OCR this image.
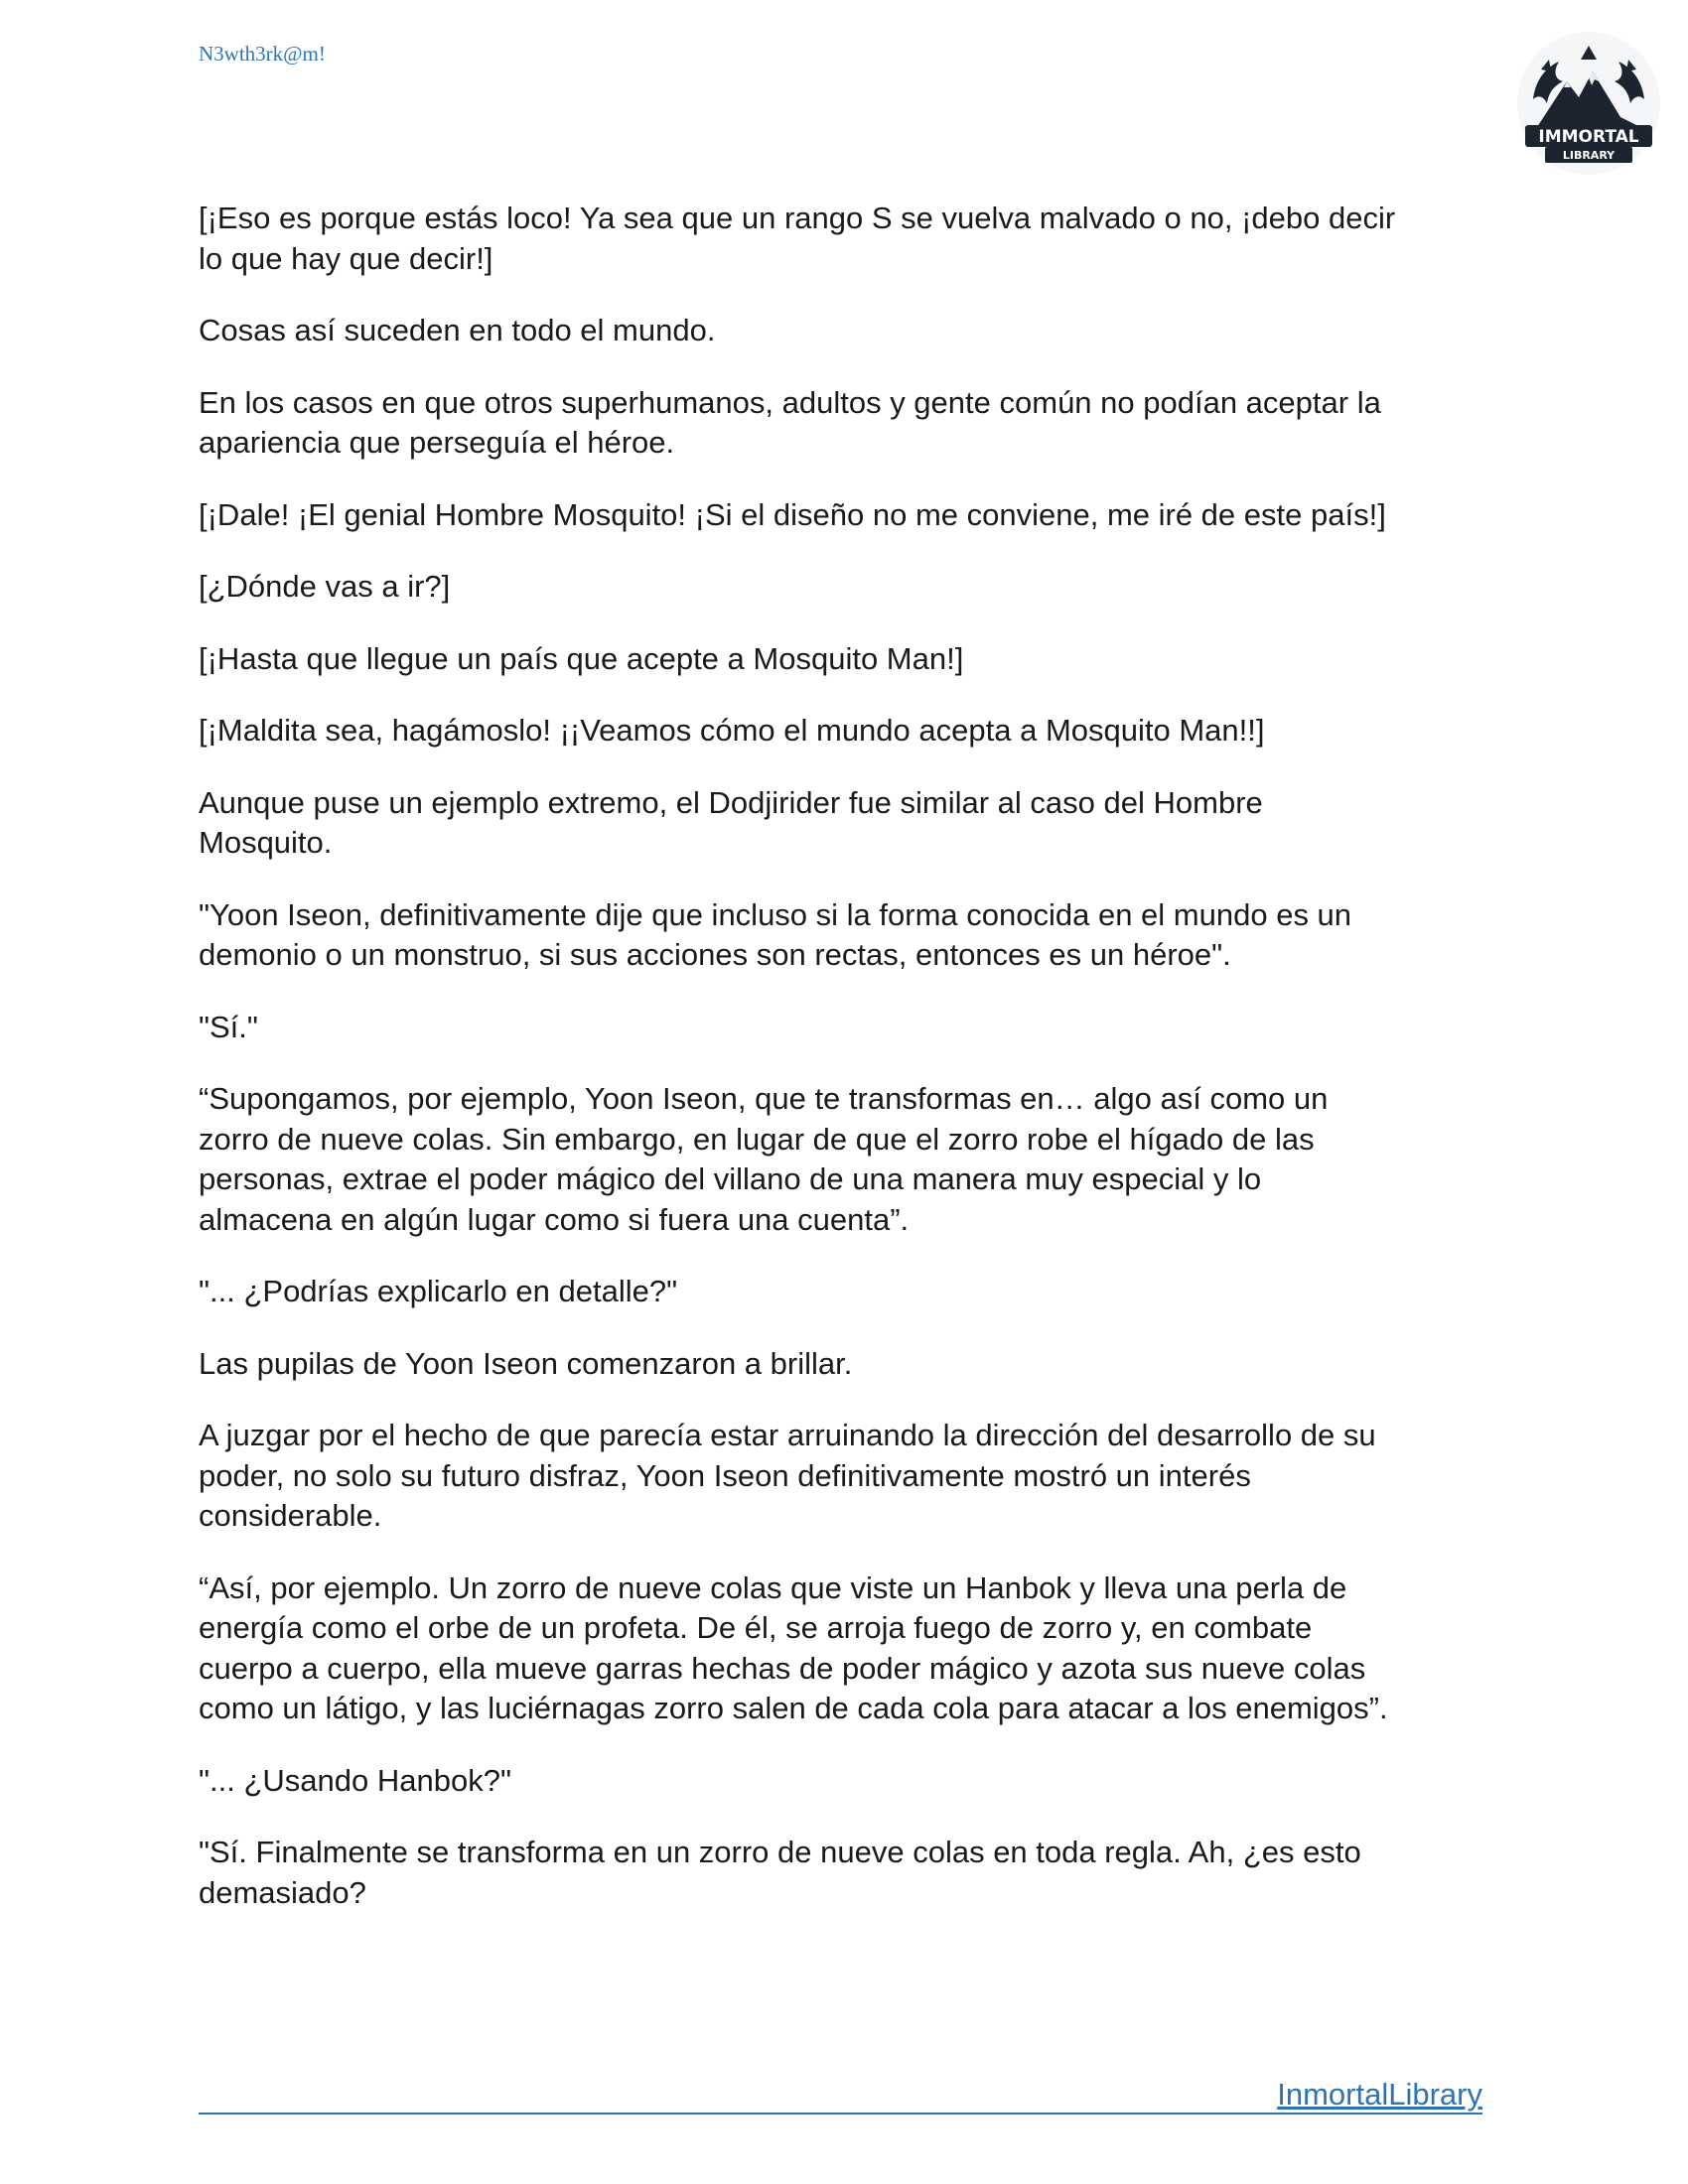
N3wth3rk@m!
IMMORTAL
LIBRARY

[¡Eso es porque estás loco! Ya sea que un rango S se vuelva malvado o no, ¡debo decir
lo que hay que decir!]

Cosas así suceden en todo el mundo.

En los casos en que otros superhumanos, adultos y gente común no podían aceptar la
apariencia que perseguía el héroe.

[¡Dale! ¡El genial Hombre Mosquito! ¡Si el diseño no me conviene, me iré de este país!]

[¿Dónde vas a ir?]

[¡Hasta que llegue un país que acepte a Mosquito Man!]

[¡Maldita sea, hagámoslo! ¡¡Veamos cómo el mundo acepta a Mosquito Man!!]

Aunque puse un ejemplo extremo, el Dodjirider fue similar al caso del Hombre
Mosquito.

"Yoon Iseon, definitivamente dije que incluso si la forma conocida en el mundo es un
demonio o un monstruo, si sus acciones son rectas, entonces es un héroe".

"Sí."

“Supongamos, por ejemplo, Yoon Iseon, que te transformas en… algo así como un
zorro de nueve colas. Sin embargo, en lugar de que el zorro robe el hígado de las
personas, extrae el poder mágico del villano de una manera muy especial y lo
almacena en algún lugar como si fuera una cuenta”.

"... ¿Podrías explicarlo en detalle?"

Las pupilas de Yoon Iseon comenzaron a brillar.

A juzgar por el hecho de que parecía estar arruinando la dirección del desarrollo de su
poder, no solo su futuro disfraz, Yoon Iseon definitivamente mostró un interés
considerable.

“Así, por ejemplo. Un zorro de nueve colas que viste un Hanbok y lleva una perla de
energía como el orbe de un profeta. De él, se arroja fuego de zorro y, en combate
cuerpo a cuerpo, ella mueve garras hechas de poder mágico y azota sus nueve colas
como un látigo, y las luciérnagas zorro salen de cada cola para atacar a los enemigos”.

"... ¿Usando Hanbok?"

"Sí. Finalmente se transforma en un zorro de nueve colas en toda regla. Ah, ¿es esto
demasiado?

InmortalLibrary
